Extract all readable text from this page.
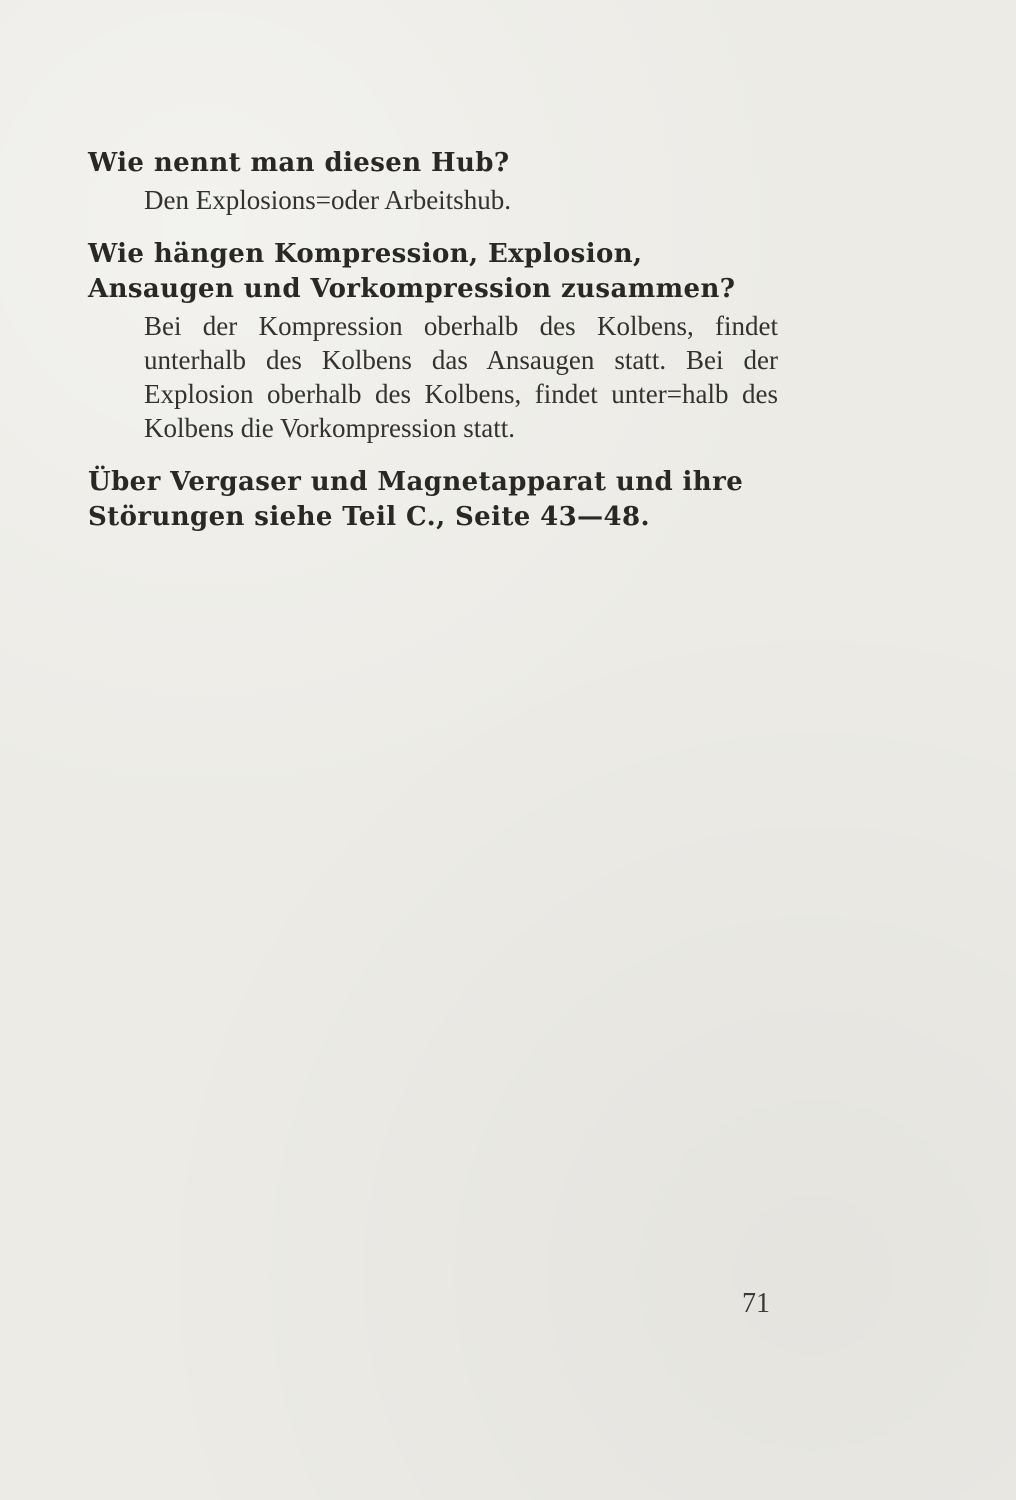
Wie nennt man diesen Hub?

Den Explosions=oder Arbeitshub.

Wie hängen Kompression, Explosion, Ansaugen und Vorkompression zusammen?

Bei der Kompression oberhalb des Kolbens, findet unterhalb des Kolbens das Ansaugen statt. Bei der Explosion oberhalb des Kolbens, findet unter=halb des Kolbens die Vorkompression statt.

Über Vergaser und Magnetapparat und ihre Störungen siehe Teil C., Seite 43—48.

71
